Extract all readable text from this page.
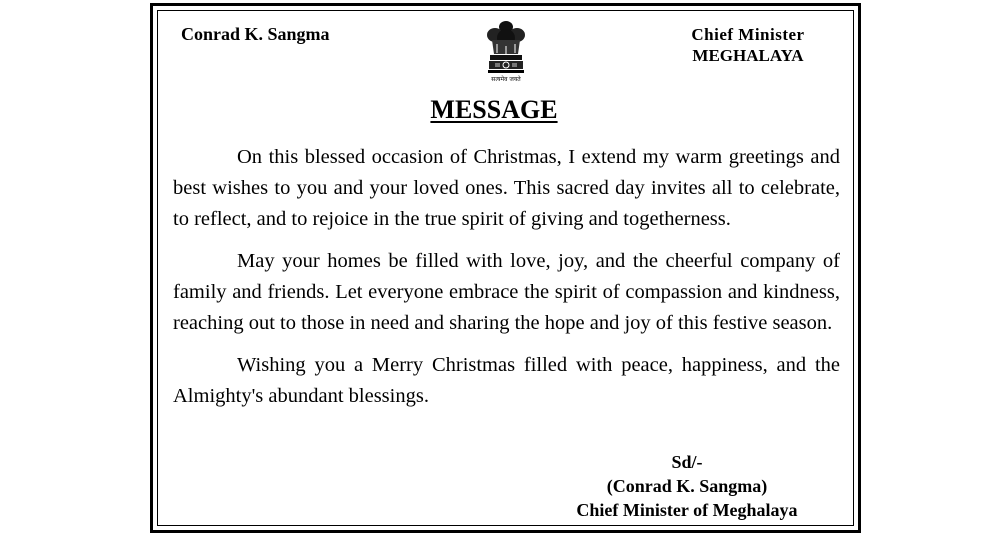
Conrad K. Sangma
सत्यमेव जयते
Chief Minister
MEGHALAYA
MESSAGE

On this blessed occasion of Christmas, I extend my warm greetings and best wishes to you and your loved ones. This sacred day invites all to celebrate, to reflect, and to rejoice in the true spirit of giving and togetherness.

May your homes be filled with love, joy, and the cheerful company of family and friends. Let everyone embrace the spirit of compassion and kindness, reaching out to those in need and sharing the hope and joy of this festive season.

Wishing you a Merry Christmas filled with peace, happiness, and the Almighty's abundant blessings.

Sd/-
(Conrad K. Sangma)
Chief Minister of Meghalaya
